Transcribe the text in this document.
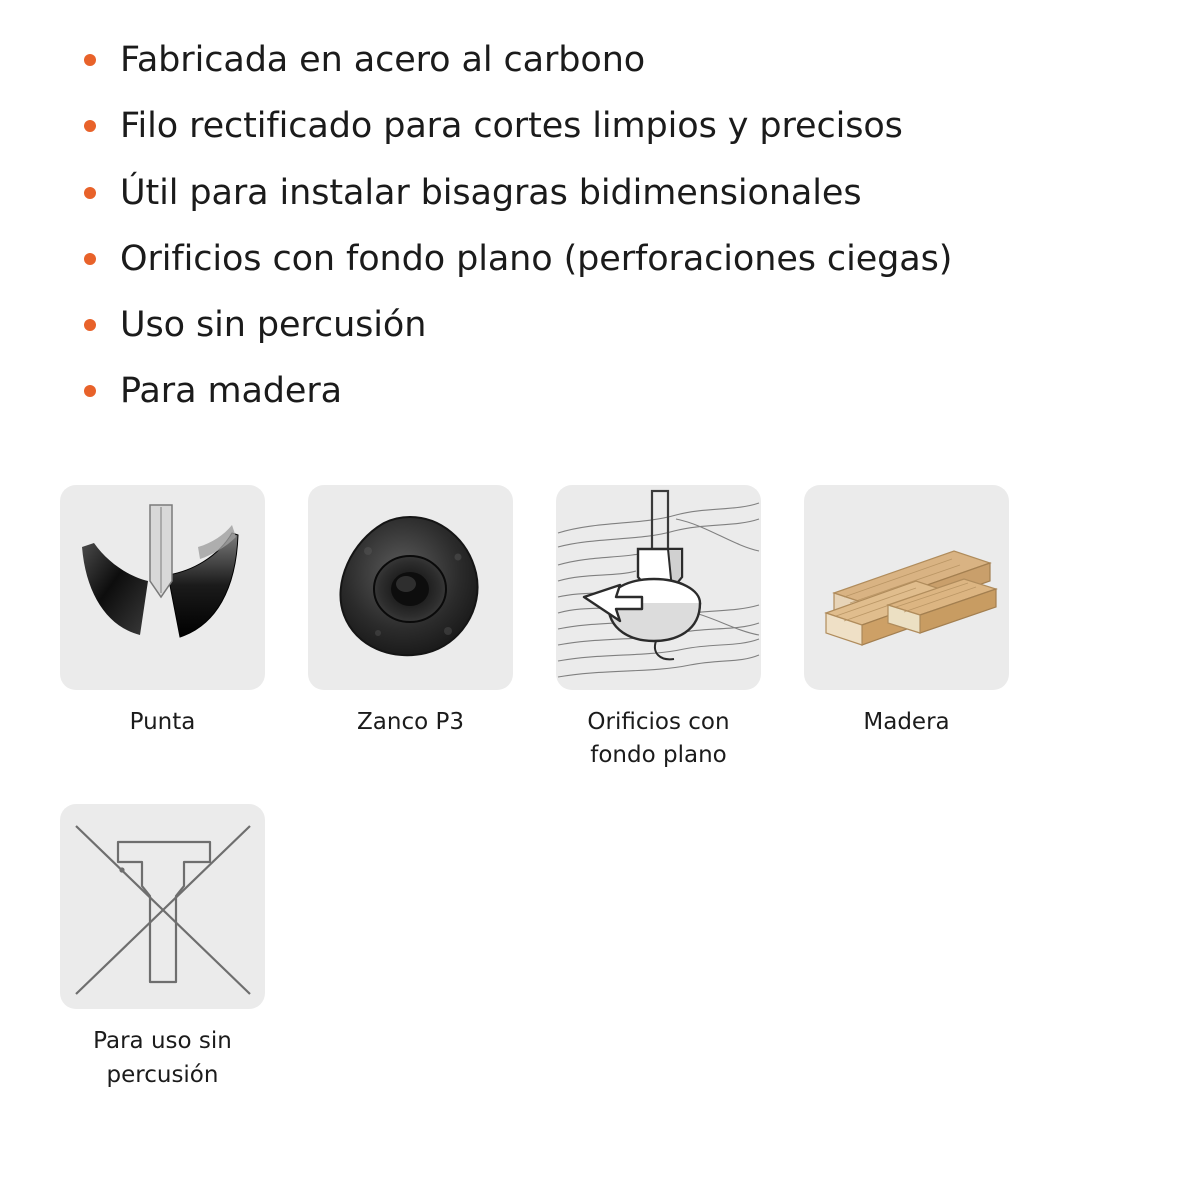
Fabricada en acero al carbono
Filo rectificado para cortes limpios y precisos
Útil para instalar bisagras bidimensionales
Orificios con fondo plano (perforaciones ciegas)
Uso sin percusión
Para madera
Punta	Zanco P3	Orificios con fondo plano
Madera
Para uso sin percusión
